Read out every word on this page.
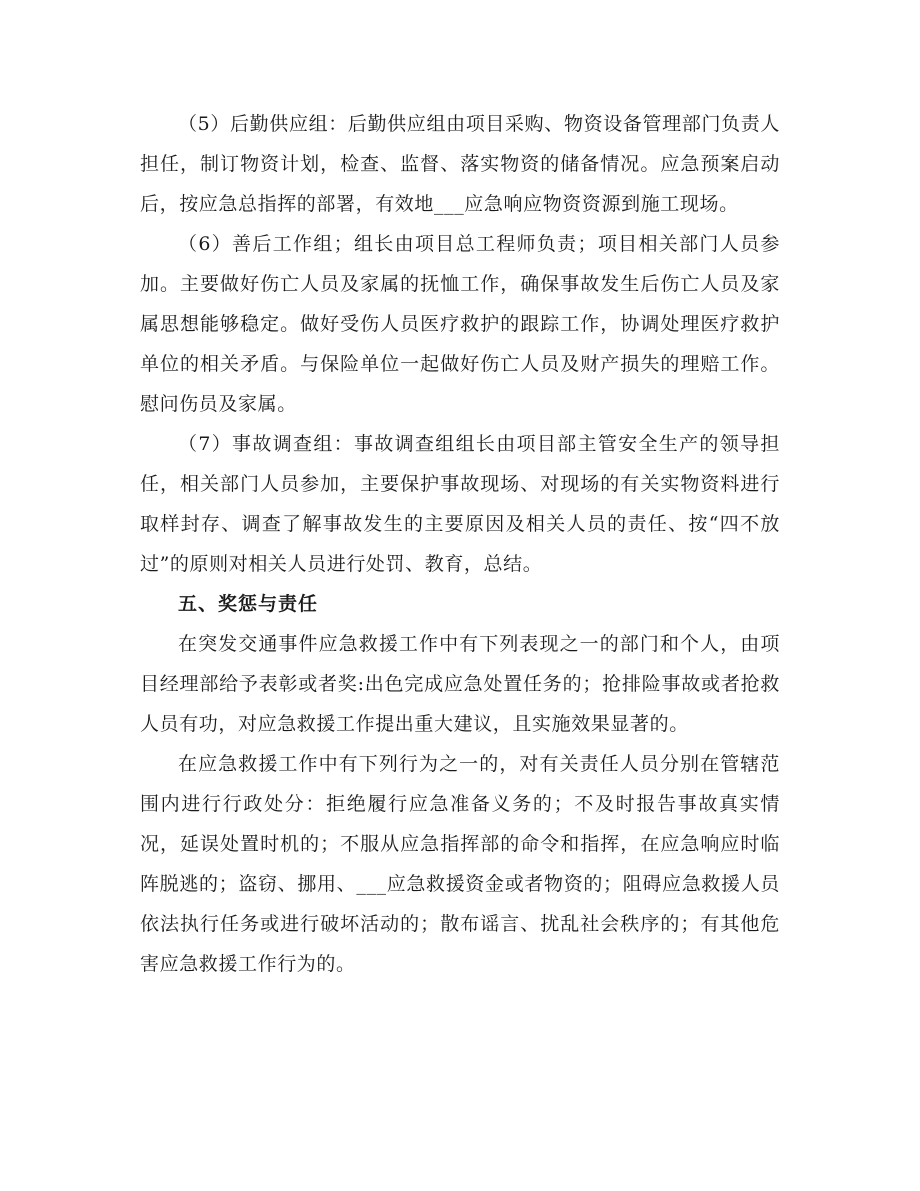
（5）后勤供应组：后勤供应组由项目采购、物资设备管理部门负责人担任，制订物资计划，检查、监督、落实物资的储备情况。应急预案启动后，按应急总指挥的部署，有效地___应急响应物资资源到施工现场。

（6）善后工作组；组长由项目总工程师负责；项目相关部门人员参加。主要做好伤亡人员及家属的抚恤工作，确保事故发生后伤亡人员及家属思想能够稳定。做好受伤人员医疗救护的跟踪工作，协调处理医疗救护单位的相关矛盾。与保险单位一起做好伤亡人员及财产损失的理赔工作。慰问伤员及家属。

（7）事故调查组：事故调查组组长由项目部主管安全生产的领导担任，相关部门人员参加，主要保护事故现场、对现场的有关实物资料进行取样封存、调查了解事故发生的主要原因及相关人员的责任、按“四不放过”的原则对相关人员进行处罚、教育，总结。

五、奖惩与责任

在突发交通事件应急救援工作中有下列表现之一的部门和个人，由项目经理部给予表彰或者奖:出色完成应急处置任务的；抢排险事故或者抢救人员有功，对应急救援工作提出重大建议，且实施效果显著的。

在应急救援工作中有下列行为之一的，对有关责任人员分别在管辖范围内进行行政处分：拒绝履行应急准备义务的；不及时报告事故真实情况，延误处置时机的；不服从应急指挥部的命令和指挥，在应急响应时临阵脱逃的；盗窃、挪用、___应急救援资金或者物资的；阻碍应急救援人员依法执行任务或进行破坏活动的；散布谣言、扰乱社会秩序的；有其他危害应急救援工作行为的。
